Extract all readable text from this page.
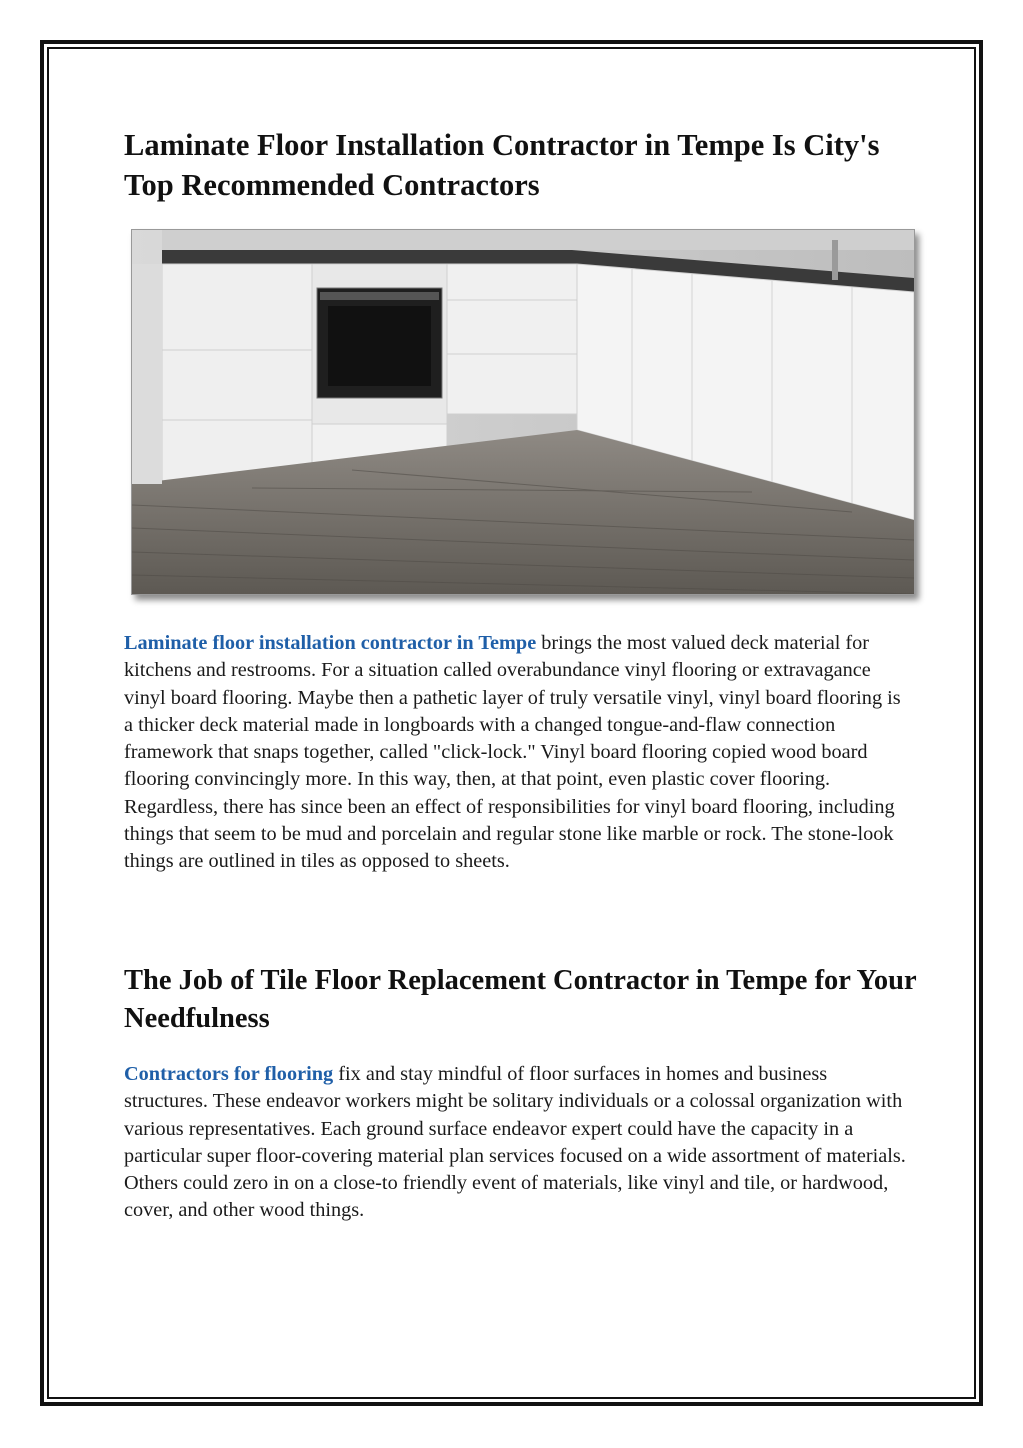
Laminate Floor Installation Contractor in Tempe Is City's Top Recommended Contractors

Laminate floor installation contractor in Tempe brings the most valued deck material for kitchens and restrooms. For a situation called overabundance vinyl flooring or extravagance vinyl board flooring. Maybe then a pathetic layer of truly versatile vinyl, vinyl board flooring is a thicker deck material made in longboards with a changed tongue-and-flaw connection framework that snaps together, called "click-lock." Vinyl board flooring copied wood board flooring convincingly more. In this way, then, at that point, even plastic cover flooring. Regardless, there has since been an effect of responsibilities for vinyl board flooring, including things that seem to be mud and porcelain and regular stone like marble or rock. The stone-look things are outlined in tiles as opposed to sheets.

The Job of Tile Floor Replacement Contractor in Tempe for Your Needfulness

Contractors for flooring fix and stay mindful of floor surfaces in homes and business structures. These endeavor workers might be solitary individuals or a colossal organization with various representatives. Each ground surface endeavor expert could have the capacity in a particular super floor-covering material plan services focused on a wide assortment of materials. Others could zero in on a close-to friendly event of materials, like vinyl and tile, or hardwood, cover, and other wood things.
